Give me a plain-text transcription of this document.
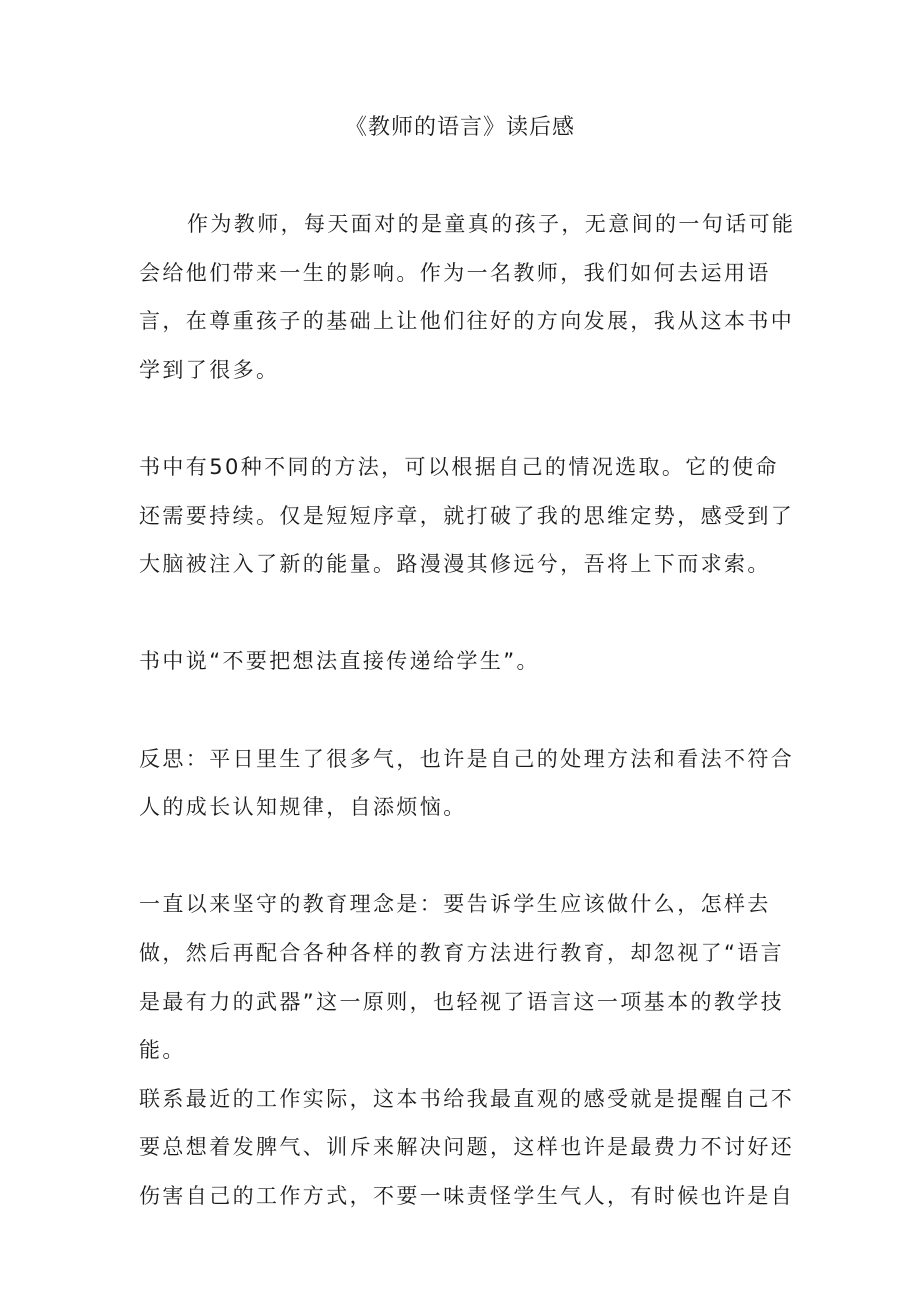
《教师的语言》读后感

作为教师，每天面对的是童真的孩子，无意间的一句话可能会给他们带来一生的影响。作为一名教师，我们如何去运用语言，在尊重孩子的基础上让他们往好的方向发展，我从这本书中学到了很多。

书中有50种不同的方法，可以根据自己的情况选取。它的使命还需要持续。仅是短短序章，就打破了我的思维定势，感受到了大脑被注入了新的能量。路漫漫其修远兮，吾将上下而求索。

书中说“不要把想法直接传递给学生”。

反思：平日里生了很多气，也许是自己的处理方法和看法不符合人的成长认知规律，自添烦恼。

一直以来坚守的教育理念是：要告诉学生应该做什么，怎样去做，然后再配合各种各样的教育方法进行教育，却忽视了“语言是最有力的武器”这一原则，也轻视了语言这一项基本的教学技能。

联系最近的工作实际，这本书给我最直观的感受就是提醒自己不要总想着发脾气、训斥来解决问题，这样也许是最费力不讨好还伤害自己的工作方式，不要一味责怪学生气人，有时候也许是自
